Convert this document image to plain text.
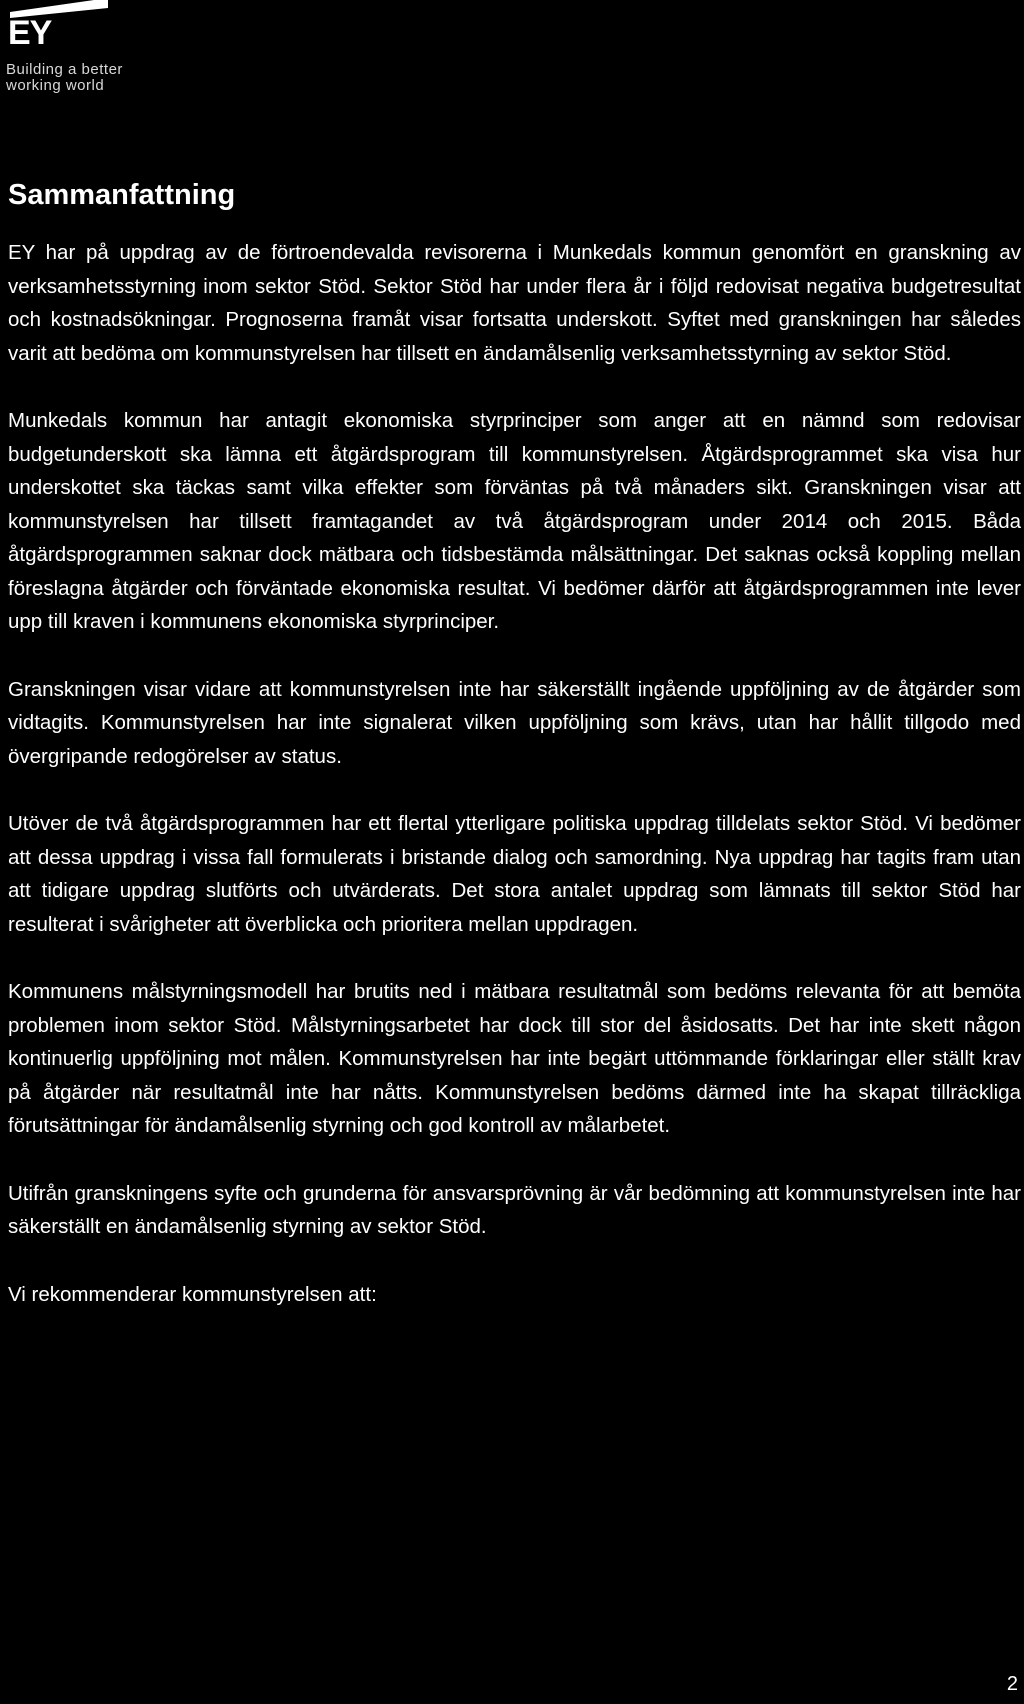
EY
Building a better
working world
Sammanfattning

EY har på uppdrag av de förtroendevalda revisorerna i Munkedals kommun genomfört en granskning av verksamhetsstyrning inom sektor Stöd. Sektor Stöd har under flera år i följd redovisat negativa budgetresultat och kostnadsökningar. Prognoserna framåt visar fortsatta underskott. Syftet med granskningen har således varit att bedöma om kommunstyrelsen har tillsett en ändamålsenlig verksamhetsstyrning av sektor Stöd.

Munkedals kommun har antagit ekonomiska styrprinciper som anger att en nämnd som redovisar budgetunderskott ska lämna ett åtgärdsprogram till kommunstyrelsen. Åtgärdsprogrammet ska visa hur underskottet ska täckas samt vilka effekter som förväntas på två månaders sikt. Granskningen visar att kommunstyrelsen har tillsett framtagandet av två åtgärdsprogram under 2014 och 2015. Båda åtgärdsprogrammen saknar dock mätbara och tidsbestämda målsättningar. Det saknas också koppling mellan föreslagna åtgärder och förväntade ekonomiska resultat. Vi bedömer därför att åtgärdsprogrammen inte lever upp till kraven i kommunens ekonomiska styrprinciper.

Granskningen visar vidare att kommunstyrelsen inte har säkerställt ingående uppföljning av de åtgärder som vidtagits. Kommunstyrelsen har inte signalerat vilken uppföljning som krävs, utan har hållit tillgodo med övergripande redogörelser av status.

Utöver de två åtgärdsprogrammen har ett flertal ytterligare politiska uppdrag tilldelats sektor Stöd. Vi bedömer att dessa uppdrag i vissa fall formulerats i bristande dialog och samordning. Nya uppdrag har tagits fram utan att tidigare uppdrag slutförts och utvärderats. Det stora antalet uppdrag som lämnats till sektor Stöd har resulterat i svårigheter att överblicka och prioritera mellan uppdragen.

Kommunens målstyrningsmodell har brutits ned i mätbara resultatmål som bedöms relevanta för att bemöta problemen inom sektor Stöd. Målstyrningsarbetet har dock till stor del åsidosatts. Det har inte skett någon kontinuerlig uppföljning mot målen. Kommunstyrelsen har inte begärt uttömmande förklaringar eller ställt krav på åtgärder när resultatmål inte har nåtts. Kommunstyrelsen bedöms därmed inte ha skapat tillräckliga förutsättningar för ändamålsenlig styrning och god kontroll av målarbetet.

Utifrån granskningens syfte och grunderna för ansvarsprövning är vår bedömning att kommunstyrelsen inte har säkerställt en ändamålsenlig styrning av sektor Stöd.

Vi rekommenderar kommunstyrelsen att:

2
